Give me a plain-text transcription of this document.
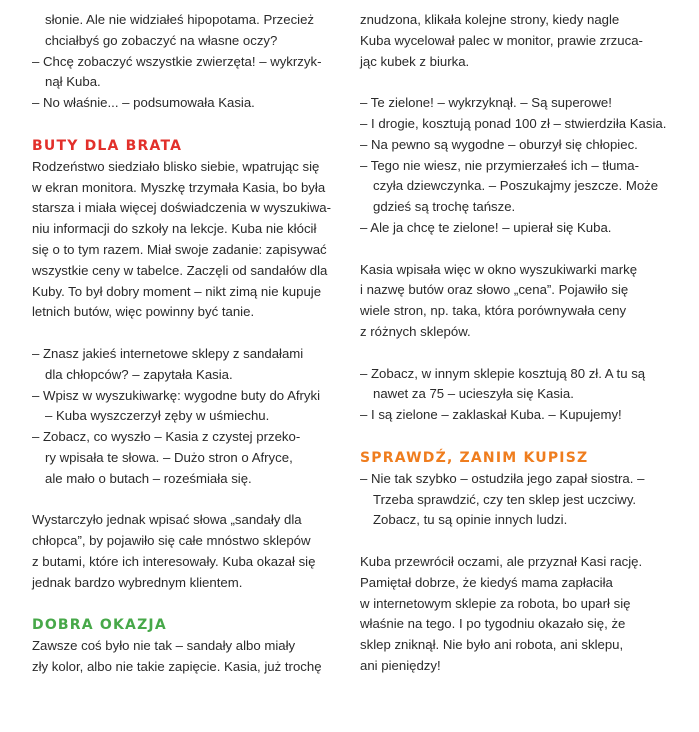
słonie. Ale nie widziałeś hipopotama. Przecież
chciałbyś go zobaczyć na własne oczy?
– Chcę zobaczyć wszystkie zwierzęta! – wykrzyk-
nął Kuba.
– No właśnie... – podsumowała Kasia.
BUTY DLA BRATA
Rodzeństwo siedziało blisko siebie, wpatrując się
w ekran monitora. Myszkę trzymała Kasia, bo była
starsza i miała więcej doświadczenia w wyszukiwa-
niu informacji do szkoły na lekcje. Kuba nie kłócił
się o to tym razem. Miał swoje zadanie: zapisywać
wszystkie ceny w tabelce. Zaczęli od sandałów dla
Kuby. To był dobry moment – nikt zimą nie kupuje
letnich butów, więc powinny być tanie.
– Znasz jakieś internetowe sklepy z sandałami
dla chłopców? – zapytała Kasia.
– Wpisz w wyszukiwarkę: wygodne buty do Afryki
– Kuba wyszczerzył zęby w uśmiechu.
– Zobacz, co wyszło – Kasia z czystej przeko-
ry wpisała te słowa. – Dużo stron o Afryce,
ale mało o butach – roześmiała się.
Wystarczyło jednak wpisać słowa „sandały dla
chłopca”, by pojawiło się całe mnóstwo sklepów
z butami, które ich interesowały. Kuba okazał się
jednak bardzo wybrednym klientem.
DOBRA OKAZJA
Zawsze coś było nie tak – sandały albo miały
zły kolor, albo nie takie zapięcie. Kasia, już trochę
znudzona, klikała kolejne strony, kiedy nagle
Kuba wycelował palec w monitor, prawie zrzuca-
jąc kubek z biurka.
– Te zielone! – wykrzyknął. – Są superowe!
– I drogie, kosztują ponad 100 zł – stwierdziła Kasia.
– Na pewno są wygodne – oburzył się chłopiec.
– Tego nie wiesz, nie przymierzałeś ich – tłuma-
czyła dziewczynka. – Poszukajmy jeszcze. Może
gdzieś są trochę tańsze.
– Ale ja chcę te zielone! – upierał się Kuba.
Kasia wpisała więc w okno wyszukiwarki markę
i nazwę butów oraz słowo „cena”. Pojawiło się
wiele stron, np. taka, która porównywała ceny
z różnych sklepów.
– Zobacz, w innym sklepie kosztują 80 zł. A tu są
nawet za 75 – ucieszyła się Kasia.
– I są zielone – zaklaskał Kuba. – Kupujemy!
SPRAWDŹ, ZANIM KUPISZ
– Nie tak szybko – ostudziła jego zapał siostra. –
Trzeba sprawdzić, czy ten sklep jest uczciwy.
Zobacz, tu są opinie innych ludzi.
Kuba przewrócił oczami, ale przyznał Kasi rację.
Pamiętał dobrze, że kiedyś mama zapłaciła
w internetowym sklepie za robota, bo uparł się
właśnie na tego. I po tygodniu okazało się, że
sklep zniknął. Nie było ani robota, ani sklepu,
ani pieniędzy!
